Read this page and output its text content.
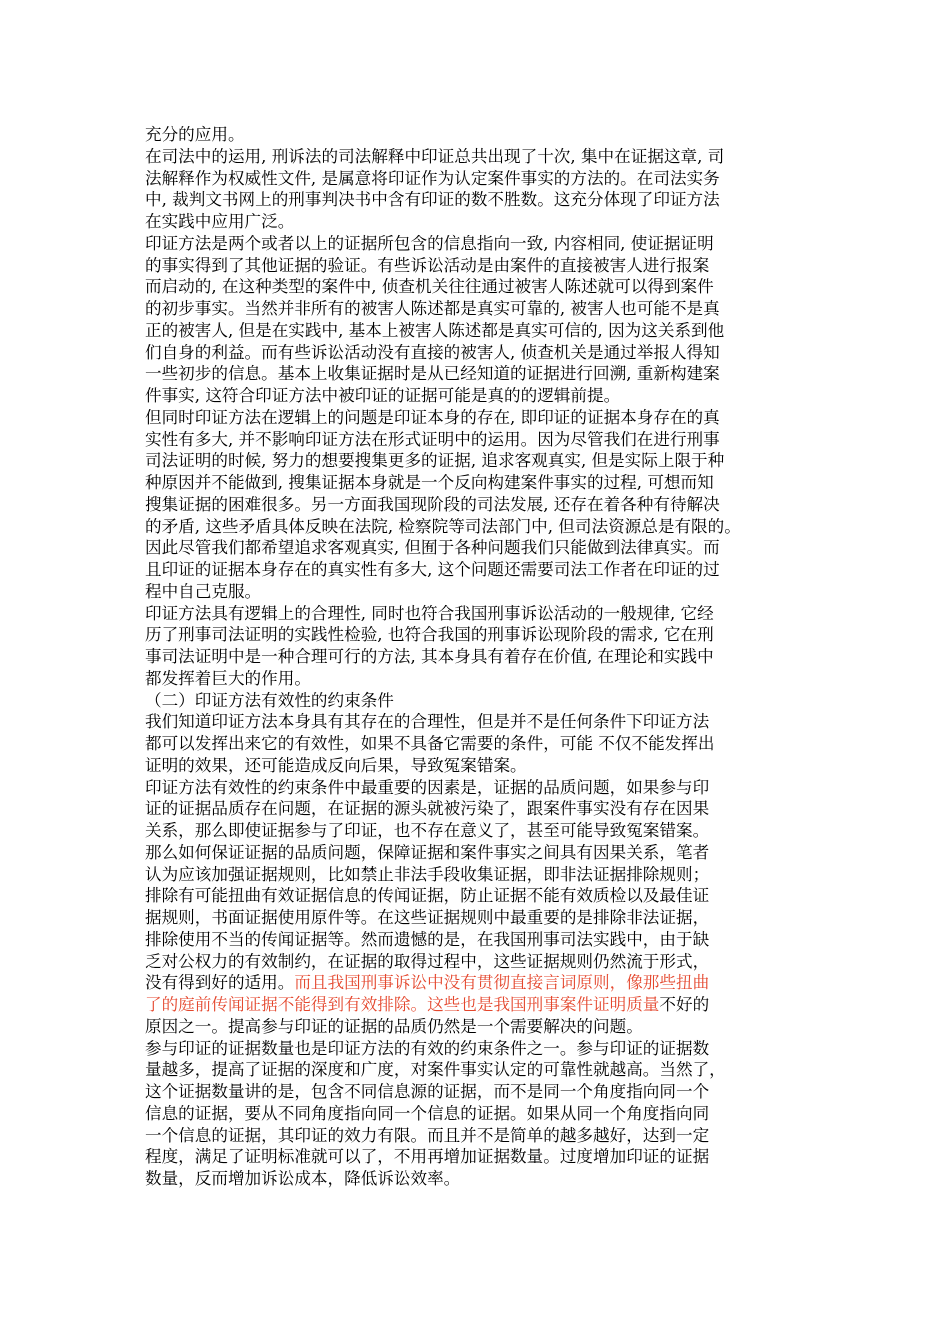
充分的应用。
在司法中的运用, 刑诉法的司法解释中印证总共出现了十次, 集中在证据这章, 司
法解释作为权威性文件, 是属意将印证作为认定案件事实的方法的。在司法实务
中, 裁判文书网上的刑事判决书中含有印证的数不胜数。这充分体现了印证方法
在实践中应用广泛。
印证方法是两个或者以上的证据所包含的信息指向一致, 内容相同, 使证据证明
的事实得到了其他证据的验证。有些诉讼活动是由案件的直接被害人进行报案
而启动的, 在这种类型的案件中, 侦查机关往往通过被害人陈述就可以得到案件
的初步事实。当然并非所有的被害人陈述都是真实可靠的, 被害人也可能不是真
正的被害人, 但是在实践中, 基本上被害人陈述都是真实可信的, 因为这关系到他
们自身的利益。而有些诉讼活动没有直接的被害人, 侦查机关是通过举报人得知
一些初步的信息。基本上收集证据时是从已经知道的证据进行回溯, 重新构建案
件事实, 这符合印证方法中被印证的证据可能是真的的逻辑前提。
但同时印证方法在逻辑上的问题是印证本身的存在, 即印证的证据本身存在的真
实性有多大, 并不影响印证方法在形式证明中的运用。因为尽管我们在进行刑事
司法证明的时候, 努力的想要搜集更多的证据, 追求客观真实, 但是实际上限于种
种原因并不能做到, 搜集证据本身就是一个反向构建案件事实的过程, 可想而知
搜集证据的困难很多。另一方面我国现阶段的司法发展, 还存在着各种有待解决
的矛盾, 这些矛盾具体反映在法院, 检察院等司法部门中, 但司法资源总是有限的。
因此尽管我们都希望追求客观真实, 但囿于各种问题我们只能做到法律真实。而
且印证的证据本身存在的真实性有多大, 这个问题还需要司法工作者在印证的过
程中自己克服。
印证方法具有逻辑上的合理性, 同时也符合我国刑事诉讼活动的一般规律, 它经
历了刑事司法证明的实践性检验, 也符合我国的刑事诉讼现阶段的需求, 它在刑
事司法证明中是一种合理可行的方法, 其本身具有着存在价值, 在理论和实践中
都发挥着巨大的作用。
（二）印证方法有效性的约束条件
我们知道印证方法本身具有其存在的合理性，但是并不是任何条件下印证方法
都可以发挥出来它的有效性，如果不具备它需要的条件，可能 不仅不能发挥出
证明的效果，还可能造成反向后果，导致冤案错案。
印证方法有效性的约束条件中最重要的因素是，证据的品质问题，如果参与印
证的证据品质存在问题，在证据的源头就被污染了，跟案件事实没有存在因果
关系，那么即使证据参与了印证，也不存在意义了，甚至可能导致冤案错案。
那么如何保证证据的品质问题，保障证据和案件事实之间具有因果关系，笔者
认为应该加强证据规则，比如禁止非法手段收集证据，即非法证据排除规则；
排除有可能扭曲有效证据信息的传闻证据，防止证据不能有效质检以及最佳证
据规则，书面证据使用原件等。在这些证据规则中最重要的是排除非法证据，
排除使用不当的传闻证据等。然而遗憾的是，在我国刑事司法实践中，由于缺
乏对公权力的有效制约，在证据的取得过程中，这些证据规则仍然流于形式，
没有得到好的适用。而且我国刑事诉讼中没有贯彻直接言词原则，像那些扭曲
了的庭前传闻证据不能得到有效排除。这些也是我国刑事案件证明质量不好的
原因之一。提高参与印证的证据的品质仍然是一个需要解决的问题。
参与印证的证据数量也是印证方法的有效的约束条件之一。参与印证的证据数
量越多，提高了证据的深度和广度，对案件事实认定的可靠性就越高。当然了，
这个证据数量讲的是，包含不同信息源的证据，而不是同一个角度指向同一个
信息的证据，要从不同角度指向同一个信息的证据。如果从同一个角度指向同
一个信息的证据，其印证的效力有限。而且并不是简单的越多越好，达到一定
程度，满足了证明标准就可以了，不用再增加证据数量。过度增加印证的证据
数量，反而增加诉讼成本，降低诉讼效率。
